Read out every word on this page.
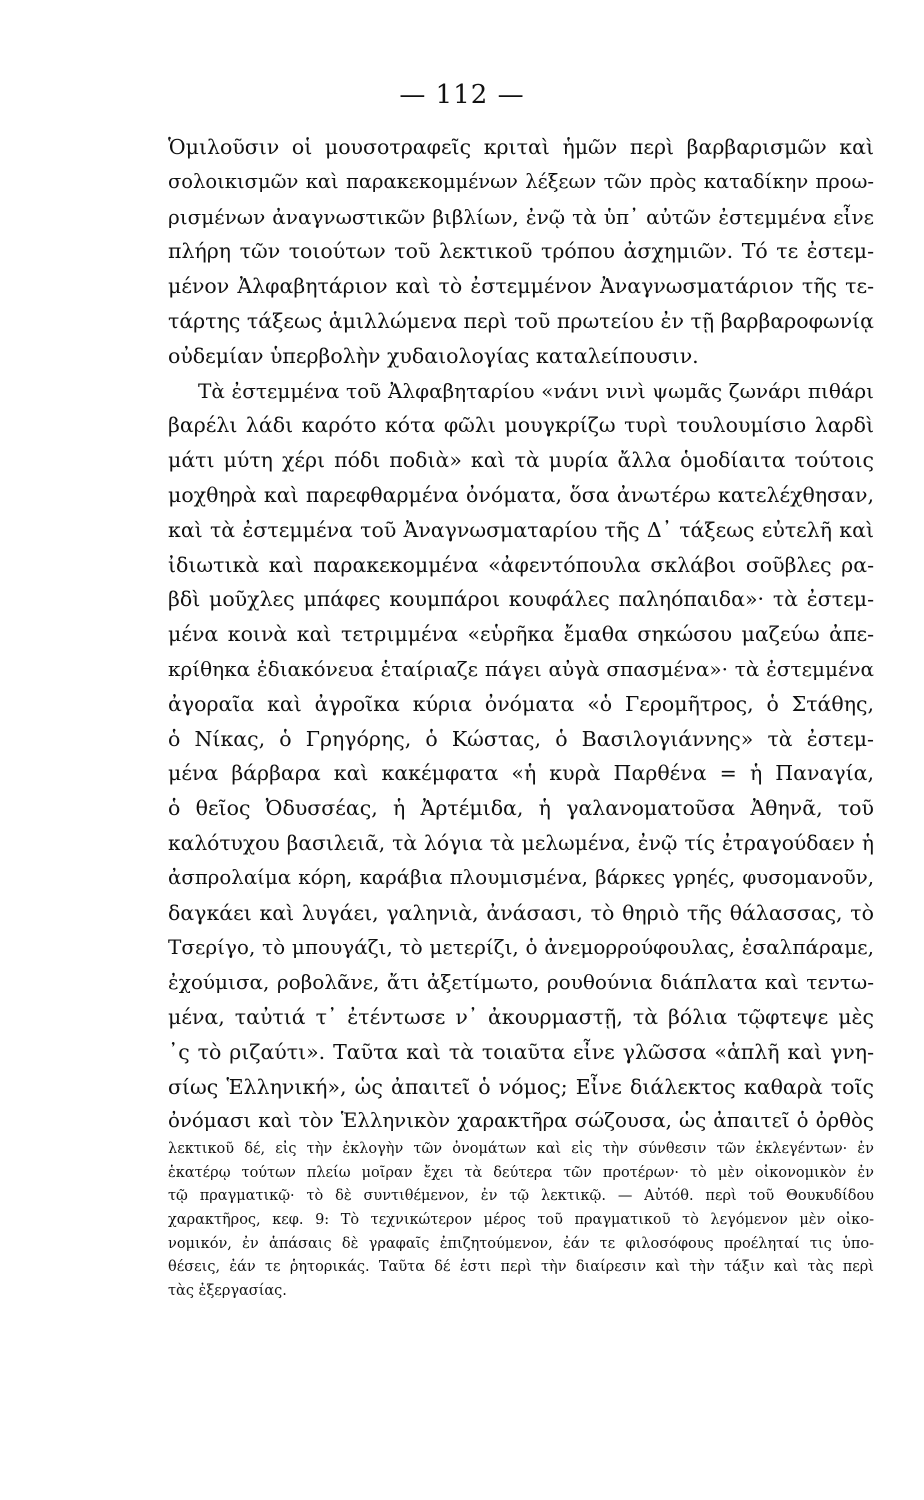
— 112 —
Ὁμιλοῦσιν οἱ μουσοτραφεῖς κριταὶ ἡμῶν περὶ βαρβαρισμῶν καὶ
σολοικισμῶν καὶ παρακεκομμένων λέξεων τῶν πρὸς καταδίκην προω-
ρισμένων ἀναγνωστικῶν βιβλίων, ἐνῷ τὰ ὑπ᾽ αὐτῶν ἐστεμμένα εἶνε
πλήρη τῶν τοιούτων τοῦ λεκτικοῦ τρόπου ἀσχημιῶν. Τό τε ἐστεμ-
μένον Ἀλφαβητάριον καὶ τὸ ἐστεμμένον Ἀναγνωσματάριον τῆς τε-
τάρτης τάξεως ἁμιλλώμενα περὶ τοῦ πρωτείου ἐν τῇ βαρβαροφωνίᾳ
οὐδεμίαν ὑπερβολὴν χυδαιολογίας καταλείπουσιν.
Τὰ ἐστεμμένα τοῦ Ἀλφαβηταρίου «νάνι νινὶ ψωμᾶς ζωνάρι πιθάρι
βαρέλι λάδι καρότο κότα φῶλι μουγκρίζω τυρὶ τουλουμίσιο λαρδὶ
μάτι μύτη χέρι πόδι ποδιὰ» καὶ τὰ μυρία ἄλλα ὁμοδίαιτα τούτοις
μοχθηρὰ καὶ παρεφθαρμένα ὀνόματα, ὅσα ἀνωτέρω κατελέχθησαν,
καὶ τὰ ἐστεμμένα τοῦ Ἀναγνωσματαρίου τῆς Δ᾽ τάξεως εὐτελῆ καὶ
ἰδιωτικὰ καὶ παρακεκομμένα «ἀφεντόπουλα σκλάβοι σοῦβλες ρα-
βδὶ μοῦχλες μπάφες κουμπάροι κουφάλες παληόπαιδα»· τὰ ἐστεμ-
μένα κοινὰ καὶ τετριμμένα «εὑρῆκα ἔμαθα σηκώσου μαζεύω ἀπε-
κρίθηκα ἐδιακόνευα ἑταίριαζε πάγει αὐγὰ σπασμένα»· τὰ ἐστεμμένα
ἀγοραῖα καὶ ἀγροῖκα κύρια ὀνόματα «ὁ Γερομῆτρος, ὁ Στάθης,
ὁ Νίκας, ὁ Γρηγόρης, ὁ Κώστας, ὁ Βασιλογιάννης» τὰ ἐστεμ-
μένα βάρβαρα καὶ κακέμφατα «ἡ κυρὰ Παρθένα = ἡ Παναγία,
ὁ θεῖος Ὀδυσσέας, ἡ Ἀρτέμιδα, ἡ γαλανοματοῦσα Ἀθηνᾶ, τοῦ
καλότυχου βασιλειᾶ, τὰ λόγια τὰ μελωμένα, ἐνῷ τίς ἐτραγούδαεν ἡ
ἀσπρολαίμα κόρη, καράβια πλουμισμένα, βάρκες γρηές, φυσομανοῦν,
δαγκάει καὶ λυγάει, γαληνιὰ, ἀνάσασι, τὸ θηριὸ τῆς θάλασσας, τὸ
Τσερίγο, τὸ μπουγάζι, τὸ μετερίζι, ὁ ἀνεμορρούφουλας, ἐσαλπάραμε,
ἐχούμισα, ροβολᾶνε, ἄτι ἀξετίμωτο, ρουθούνια διάπλατα καὶ τεντω-
μένα, ταὐτιά τ᾽ ἐτέντωσε ν᾽ ἀκουρμαστῇ, τὰ βόλια τῷφτεψε μὲς
᾽ς τὸ ριζαύτι». Ταῦτα καὶ τὰ τοιαῦτα εἶνε γλῶσσα «ἁπλῆ καὶ γνη-
σίως Ἑλληνική», ὡς ἀπαιτεῖ ὁ νόμος; Εἶνε διάλεκτος καθαρὰ τοῖς
ὀνόμασι καὶ τὸν Ἑλληνικὸν χαρακτῆρα σώζουσα, ὡς ἀπαιτεῖ ὁ ὀρθὸς
λεκτικοῦ δέ, εἰς τὴν ἐκλογὴν τῶν ὀνομάτων καὶ εἰς τὴν σύνθεσιν τῶν ἐκλεγέντων· ἐν
ἑκατέρῳ τούτων πλείω μοῖραν ἔχει τὰ δεύτερα τῶν προτέρων· τὸ μὲν οἰκονομικὸν ἐν
τῷ πραγματικῷ· τὸ δὲ συντιθέμενον, ἐν τῷ λεκτικῷ. — Αὐτόθ. περὶ τοῦ Θουκυδίδου
χαρακτῆρος, κεφ. 9: Τὸ τεχνικώτερον μέρος τοῦ πραγματικοῦ τὸ λεγόμενον μὲν οἰκο-
νομικόν, ἐν ἁπάσαις δὲ γραφαῖς ἐπιζητούμενον, ἐάν τε φιλοσόφους προέληταί τις ὑπο-
θέσεις, ἐάν τε ῥητορικάς. Ταῦτα δέ ἐστι περὶ τὴν διαίρεσιν καὶ τὴν τάξιν καὶ τὰς περὶ
τὰς ἐξεργασίας.
